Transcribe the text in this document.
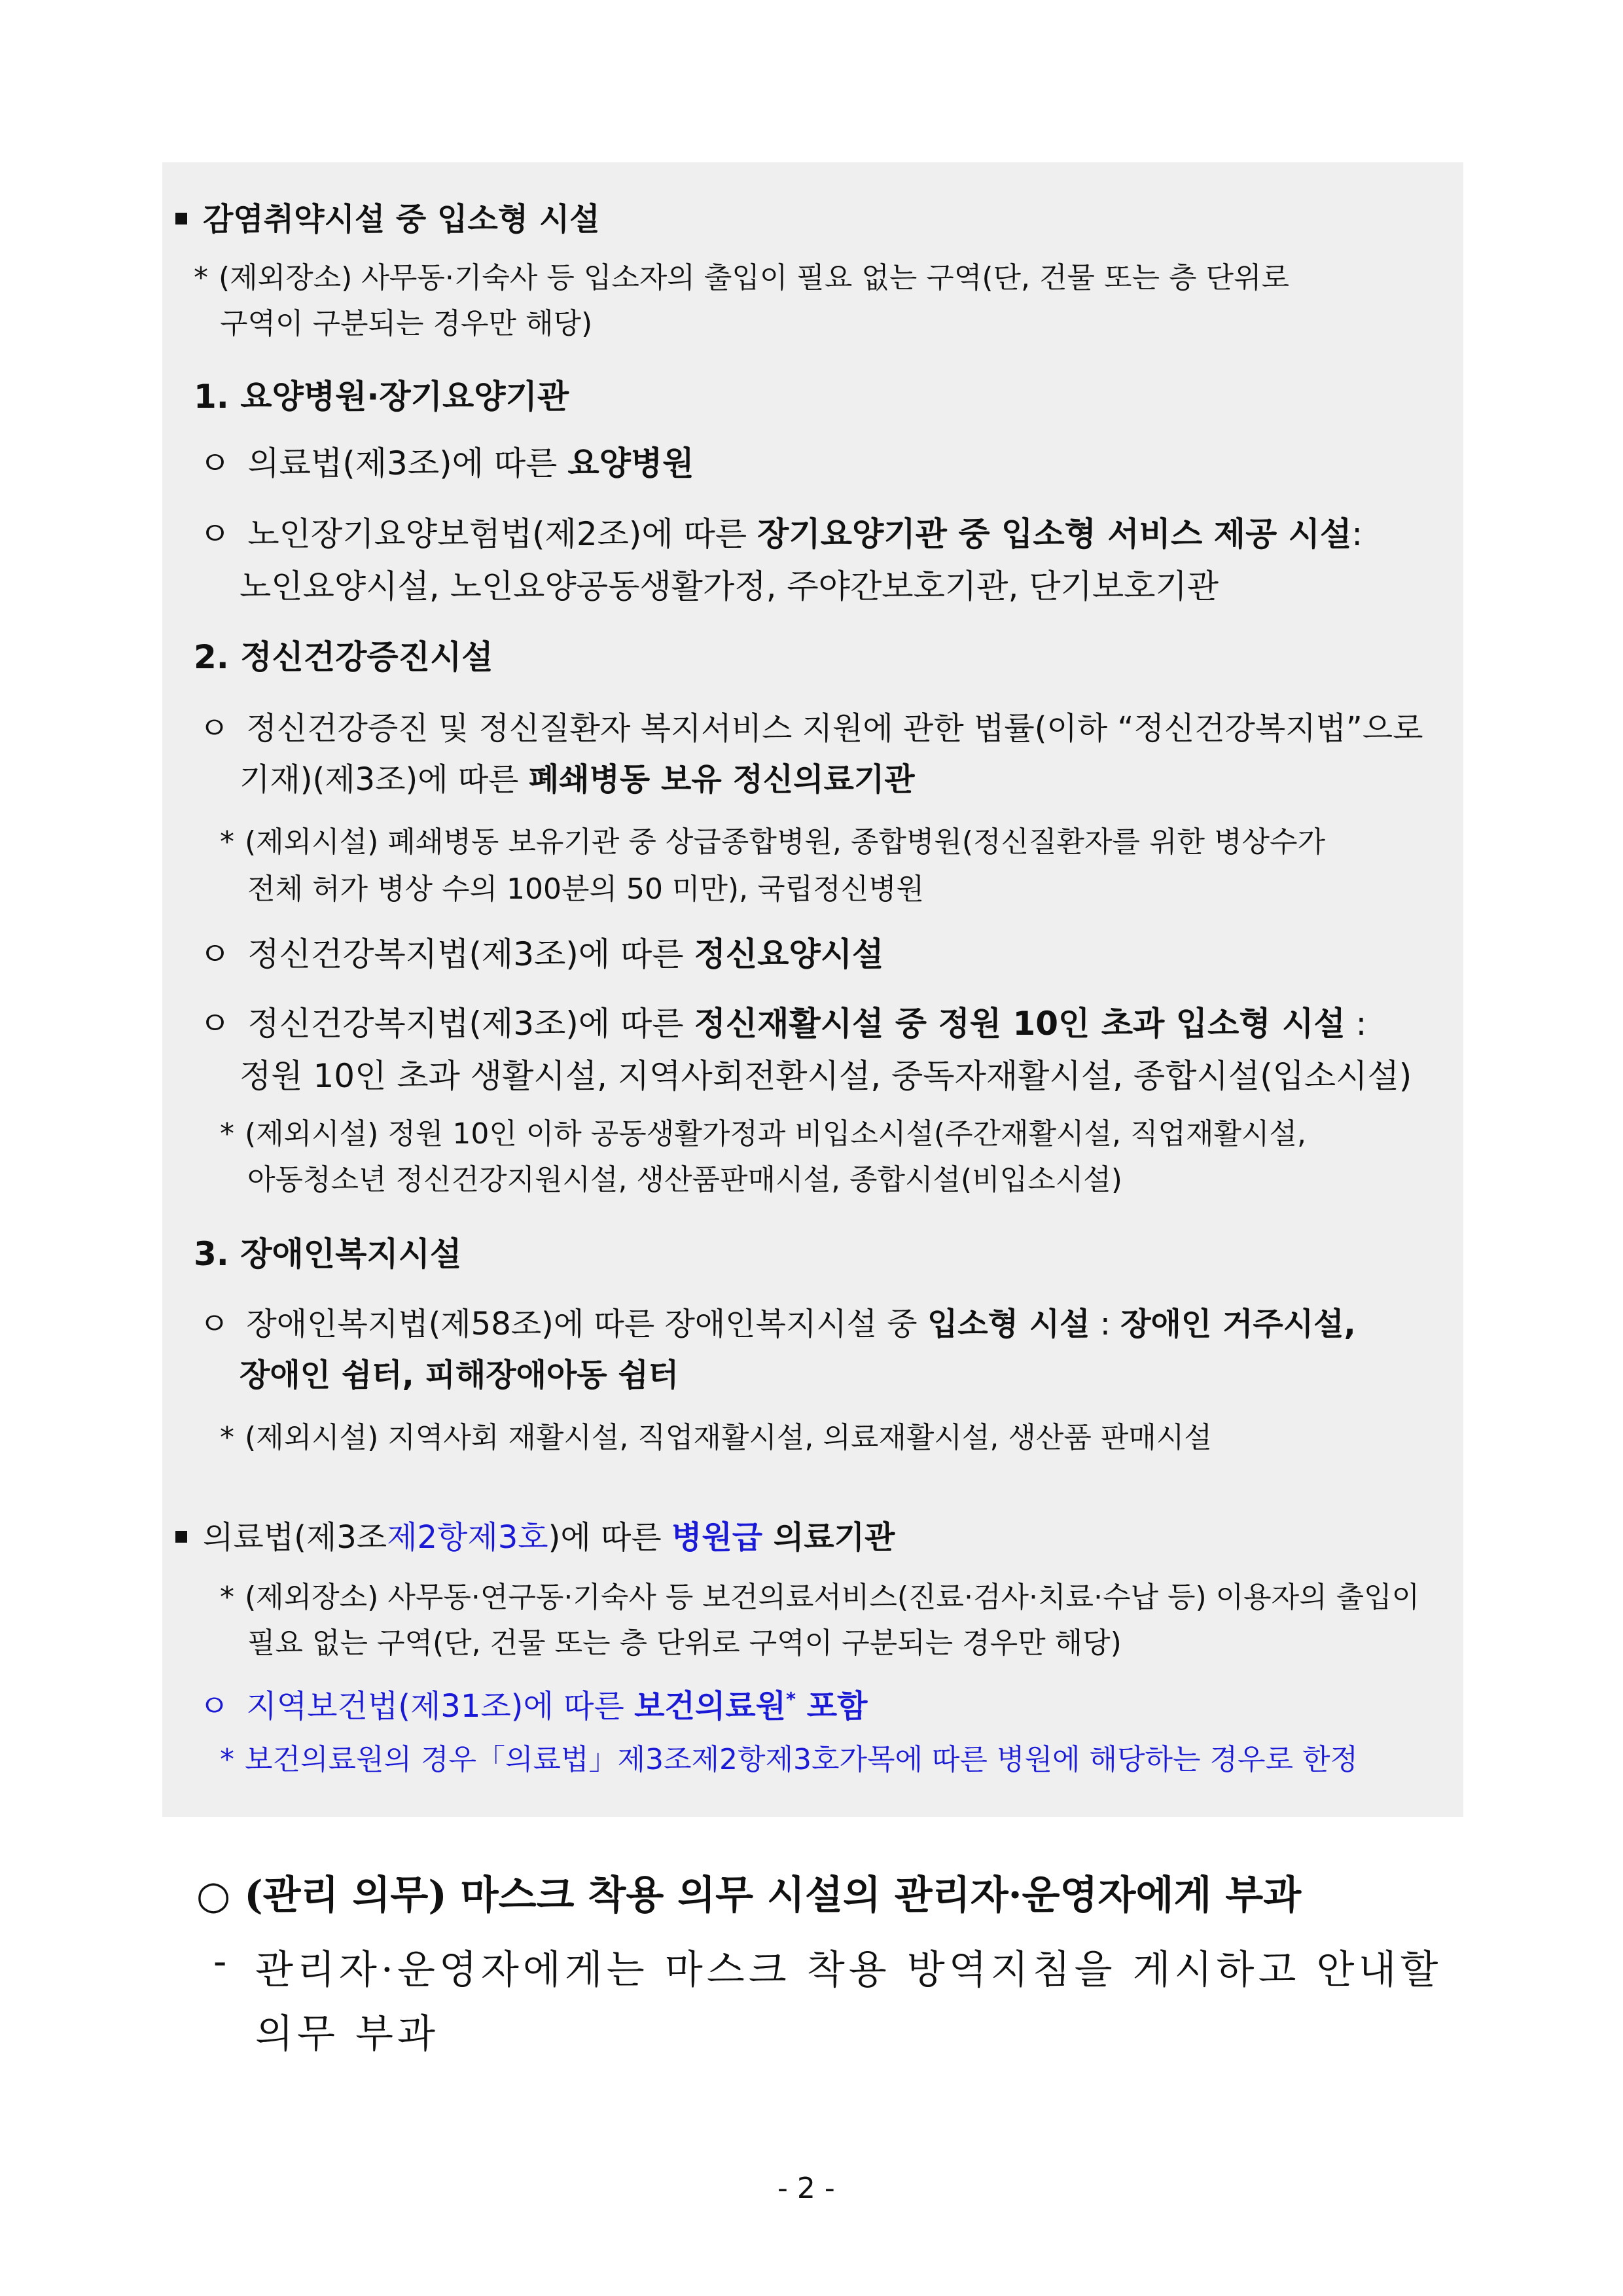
감염취약시설 중 입소형 시설
* (제외장소) 사무동·기숙사 등 입소자의 출입이 필요 없는 구역(단, 건물 또는 층 단위로
구역이 구분되는 경우만 해당)
1. 요양병원·장기요양기관
ㅇ 의료법(제3조)에 따른 요양병원
ㅇ 노인장기요양보험법(제2조)에 따른 장기요양기관 중 입소형 서비스 제공 시설:
노인요양시설, 노인요양공동생활가정, 주야간보호기관, 단기보호기관
2. 정신건강증진시설
ㅇ 정신건강증진 및 정신질환자 복지서비스 지원에 관한 법률(이하 “정신건강복지법”으로
기재)(제3조)에 따른 폐쇄병동 보유 정신의료기관
* (제외시설) 폐쇄병동 보유기관 중 상급종합병원, 종합병원(정신질환자를 위한 병상수가
전체 허가 병상 수의 100분의 50 미만), 국립정신병원
ㅇ 정신건강복지법(제3조)에 따른 정신요양시설
ㅇ 정신건강복지법(제3조)에 따른 정신재활시설 중 정원 10인 초과 입소형 시설 :
정원 10인 초과 생활시설, 지역사회전환시설, 중독자재활시설, 종합시설(입소시설)
* (제외시설) 정원 10인 이하 공동생활가정과 비입소시설(주간재활시설, 직업재활시설,
아동청소년 정신건강지원시설, 생산품판매시설, 종합시설(비입소시설)
3. 장애인복지시설
ㅇ 장애인복지법(제58조)에 따른 장애인복지시설 중 입소형 시설 : 장애인 거주시설,
장애인 쉼터, 피해장애아동 쉼터
* (제외시설) 지역사회 재활시설, 직업재활시설, 의료재활시설, 생산품 판매시설
의료법(제3조제2항제3호)에 따른 병원급 의료기관
* (제외장소) 사무동·연구동·기숙사 등 보건의료서비스(진료·검사·치료·수납 등) 이용자의 출입이
필요 없는 구역(단, 건물 또는 층 단위로 구역이 구분되는 경우만 해당)
ㅇ 지역보건법(제31조)에 따른 보건의료원* 포함
* 보건의료원의 경우「의료법」제3조제2항제3호가목에 따른 병원에 해당하는 경우로 한정
○ (관리 의무) 마스크 착용 의무 시설의 관리자·운영자에게 부과
- 관리자·운영자에게는 마스크 착용 방역지침을 게시하고 안내할
의무 부과
- 2 -
